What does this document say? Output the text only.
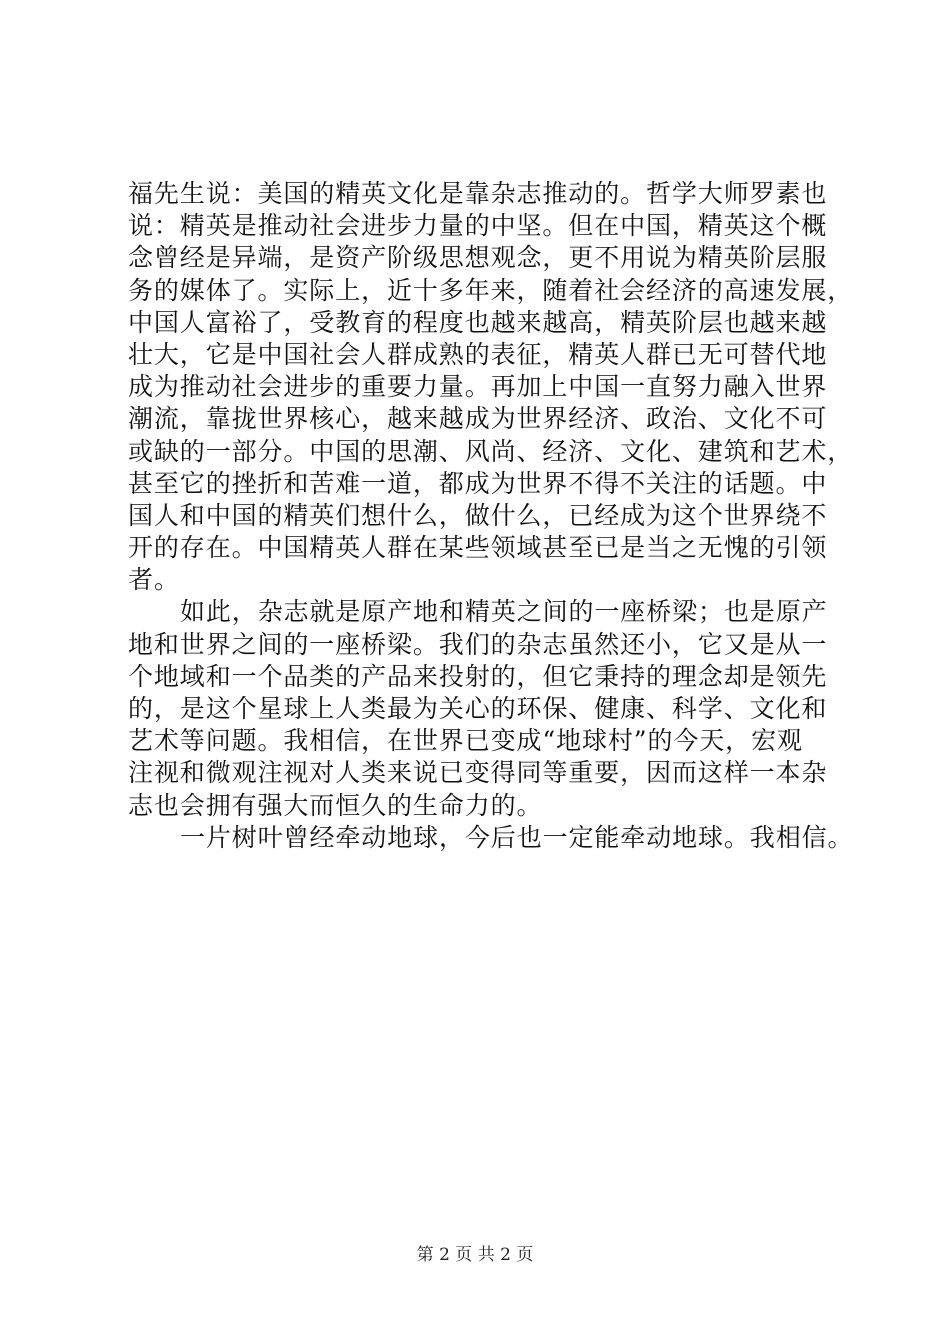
福先生说：美国的精英文化是靠杂志推动的。哲学大师罗素也
说：精英是推动社会进步力量的中坚。但在中国，精英这个概
念曾经是异端，是资产阶级思想观念，更不用说为精英阶层服
务的媒体了。实际上，近十多年来，随着社会经济的高速发展，
中国人富裕了，受教育的程度也越来越高，精英阶层也越来越
壮大，它是中国社会人群成熟的表征，精英人群已无可替代地
成为推动社会进步的重要力量。再加上中国一直努力融入世界
潮流，靠拢世界核心，越来越成为世界经济、政治、文化不可
或缺的一部分。中国的思潮、风尚、经济、文化、建筑和艺术，
甚至它的挫折和苦难一道，都成为世界不得不关注的话题。中
国人和中国的精英们想什么，做什么，已经成为这个世界绕不
开的存在。中国精英人群在某些领域甚至已是当之无愧的引领
者。
如此，杂志就是原产地和精英之间的一座桥梁；也是原产
地和世界之间的一座桥梁。我们的杂志虽然还小，它又是从一
个地域和一个品类的产品来投射的，但它秉持的理念却是领先
的，是这个星球上人类最为关心的环保、健康、科学、文化和
艺术等问题。我相信，在世界已变成“地球村”的今天，宏观
注视和微观注视对人类来说已变得同等重要，因而这样一本杂
志也会拥有强大而恒久的生命力的。
一片树叶曾经牵动地球，今后也一定能牵动地球。我相信。
第 2 页 共 2 页
